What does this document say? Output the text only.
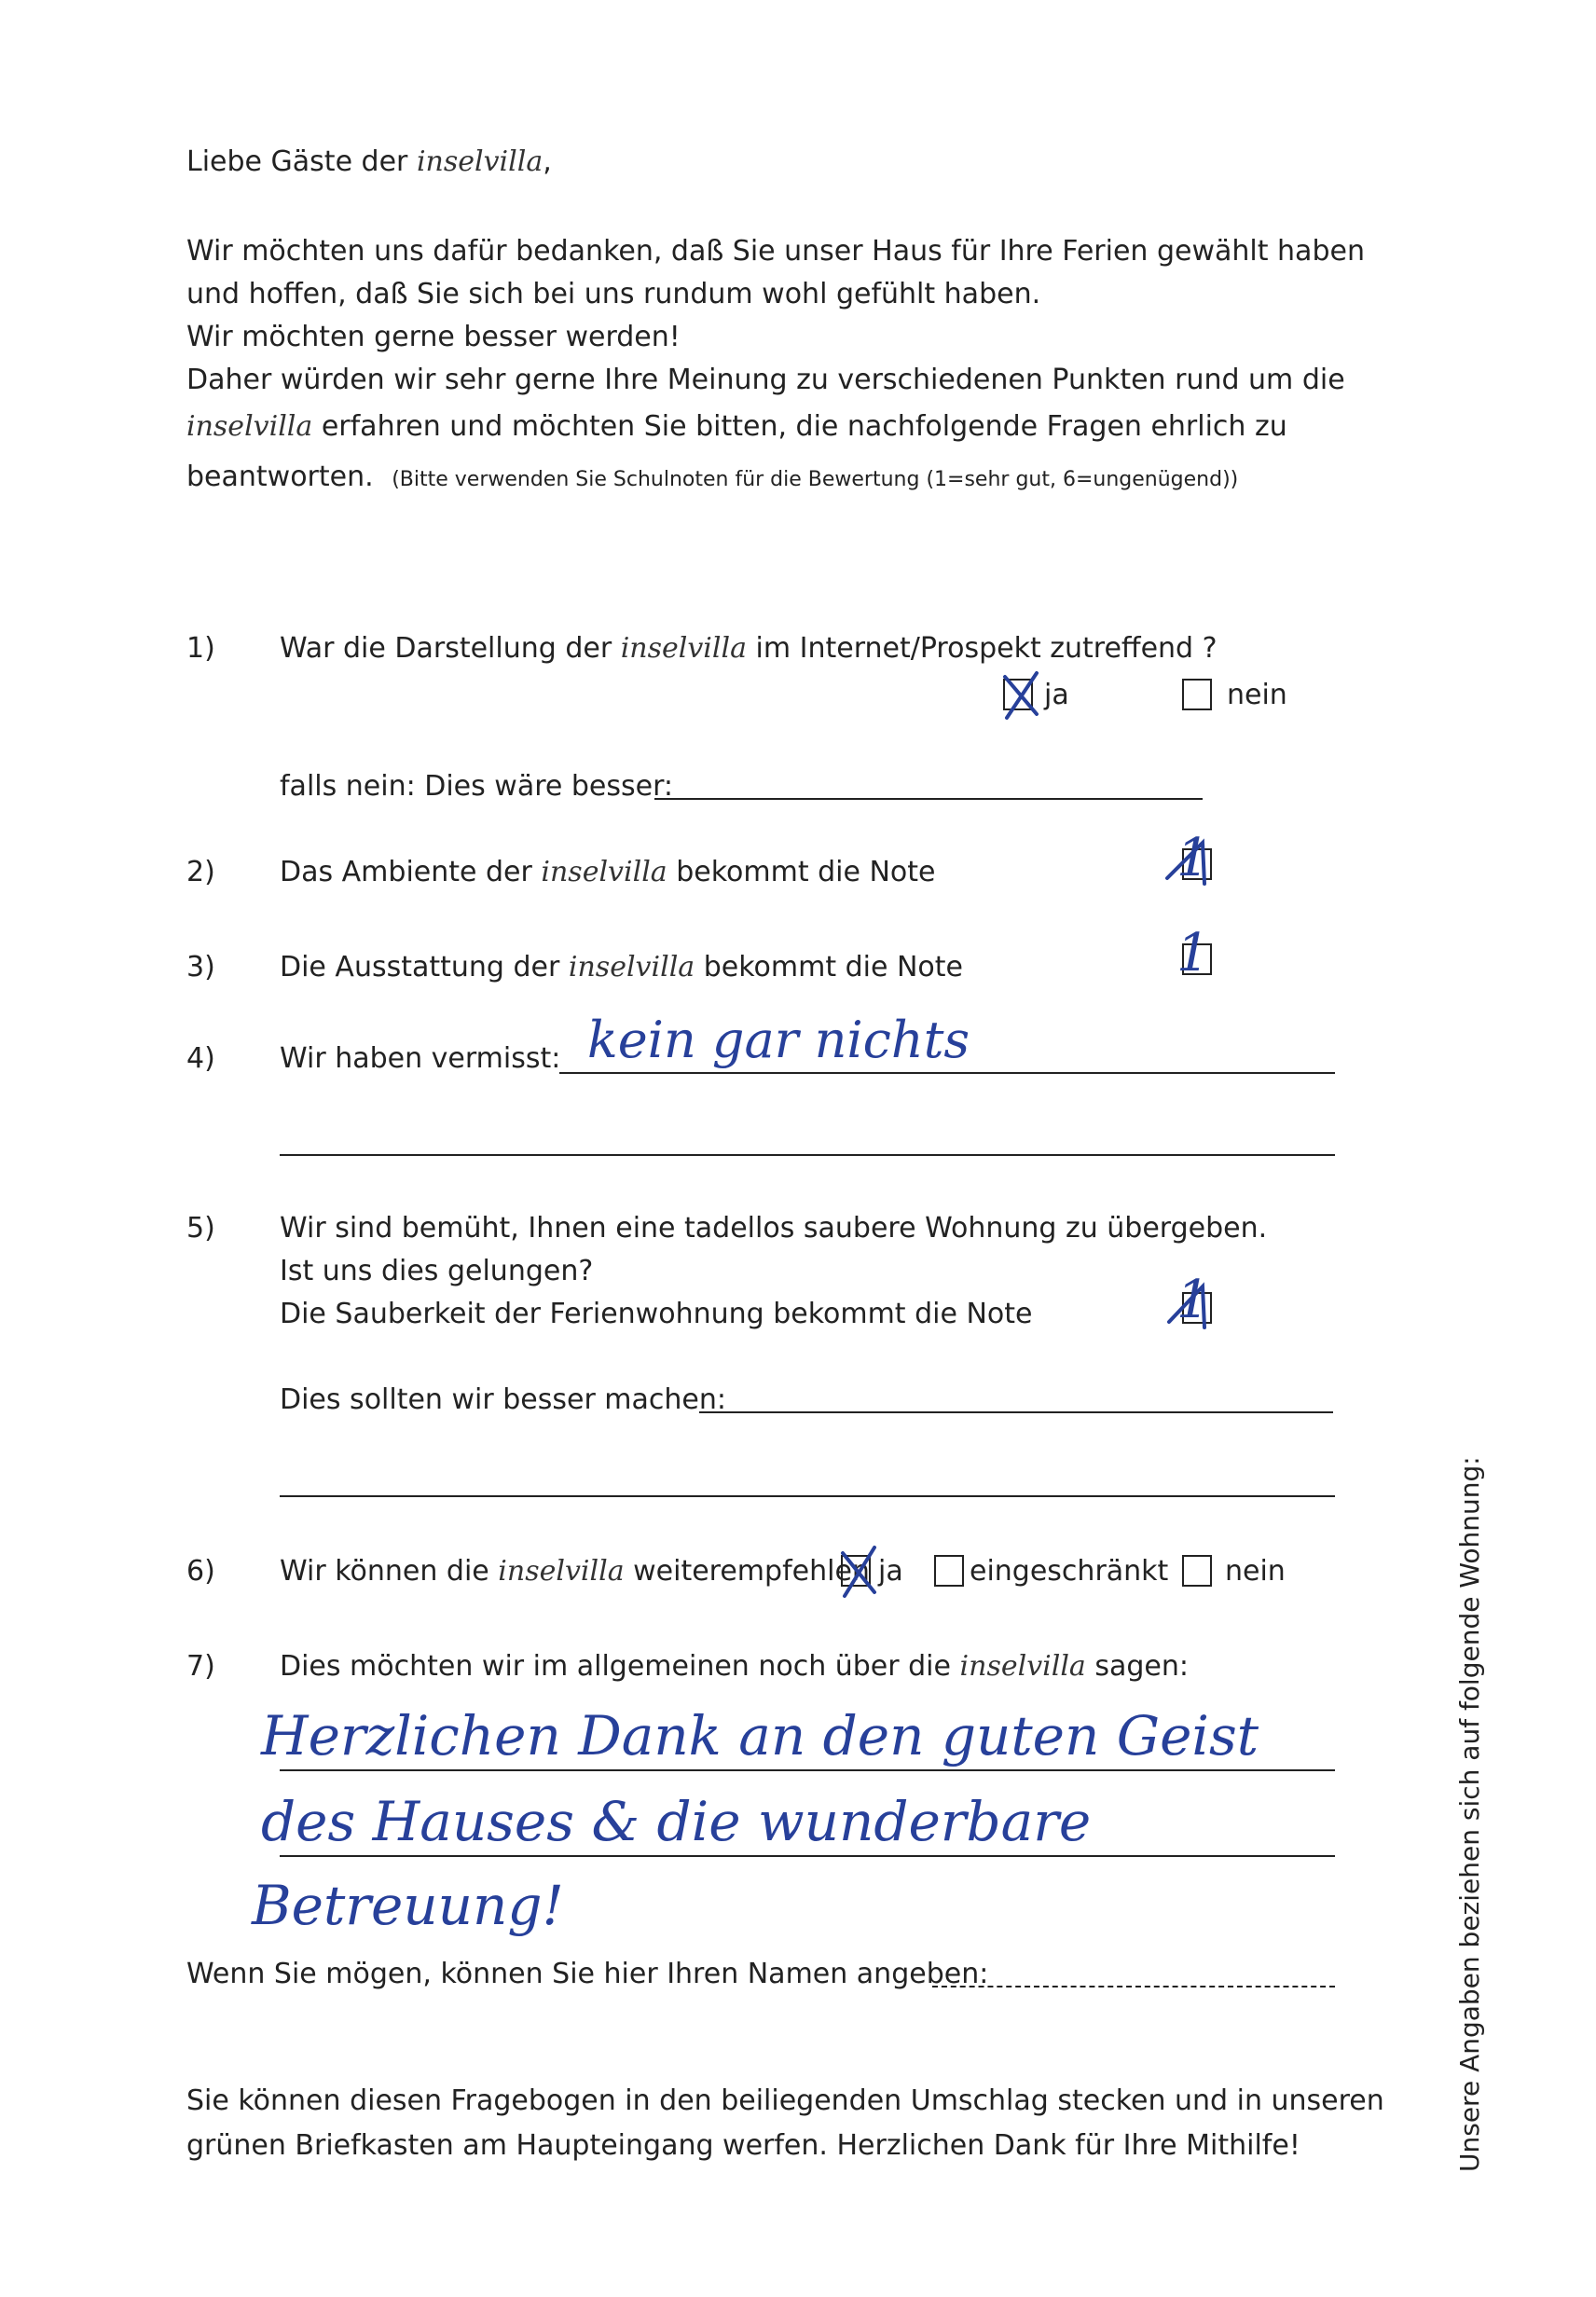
Liebe Gäste der inselvilla,
Wir möchten uns dafür bedanken, daß Sie unser Haus für Ihre Ferien gewählt haben
und hoffen, daß Sie sich bei uns rundum wohl gefühlt haben.
Wir möchten gerne besser werden!
Daher würden wir sehr gerne Ihre Meinung zu verschiedenen Punkten rund um die
inselvilla erfahren und möchten Sie bitten, die nachfolgende Fragen ehrlich zu
beantworten. (Bitte verwenden Sie Schulnoten für die Bewertung (1=sehr gut, 6=ungenügend))
1) War die Darstellung der inselvilla im Internet/Prospekt zutreffend ?
ja	nein
falls nein: Dies wäre besser:
2) Das Ambiente der inselvilla bekommt die Note	1
3) Die Ausstattung der inselvilla bekommt die Note	1
4) Wir haben vermisst: kein gar nichts
5) Wir sind bemüht, Ihnen eine tadellos saubere Wohnung zu übergeben.
Ist uns dies gelungen?
Die Sauberkeit der Ferienwohnung bekommt die Note	1
Dies sollten wir besser machen:
6) Wir können die inselvilla weiterempfehlen ja eingeschränkt nein
7) Dies möchten wir im allgemeinen noch über die inselvilla sagen:
Herzlichen Dank an den guten Geist
des Hauses & die wunderbare
Betreuung!
Wenn Sie mögen, können Sie hier Ihren Namen angeben:
Sie können diesen Fragebogen in den beiliegenden Umschlag stecken und in unseren
grünen Briefkasten am Haupteingang werfen. Herzlichen Dank für Ihre Mithilfe!	Unsere Angaben beziehen sich auf folgende Wohnung:
